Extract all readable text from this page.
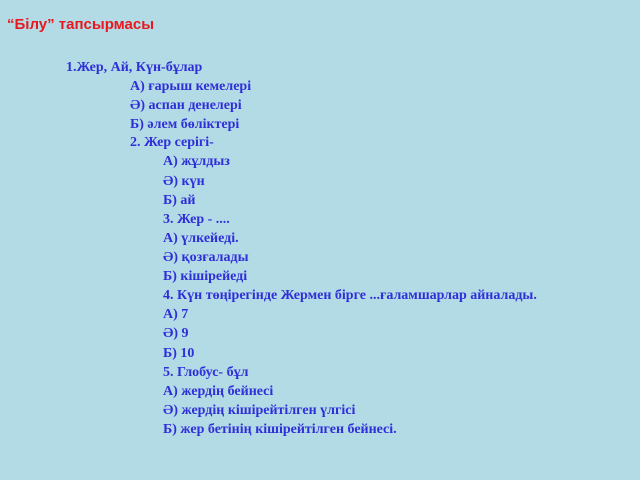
“Білу” тапсырмасы
1.Жер, Ай, Күн-бұлар
А) ғарыш кемелері
Ә) аспан денелері
Б) әлем бөліктері
2. Жер серігі-
А) жұлдыз
Ә) күн
Б) ай
3. Жер - ....
А) үлкейеді.
Ә) қозғалады
Б) кішірейеді
4. Күн төңірегінде Жермен бірге ...ғаламшарлар айналады.
А) 7
Ә) 9
Б) 10
5. Глобус- бұл
А) жердің бейнесі
Ә) жердің кішірейтілген үлгісі
Б) жер бетінің кішірейтілген бейнесі.
